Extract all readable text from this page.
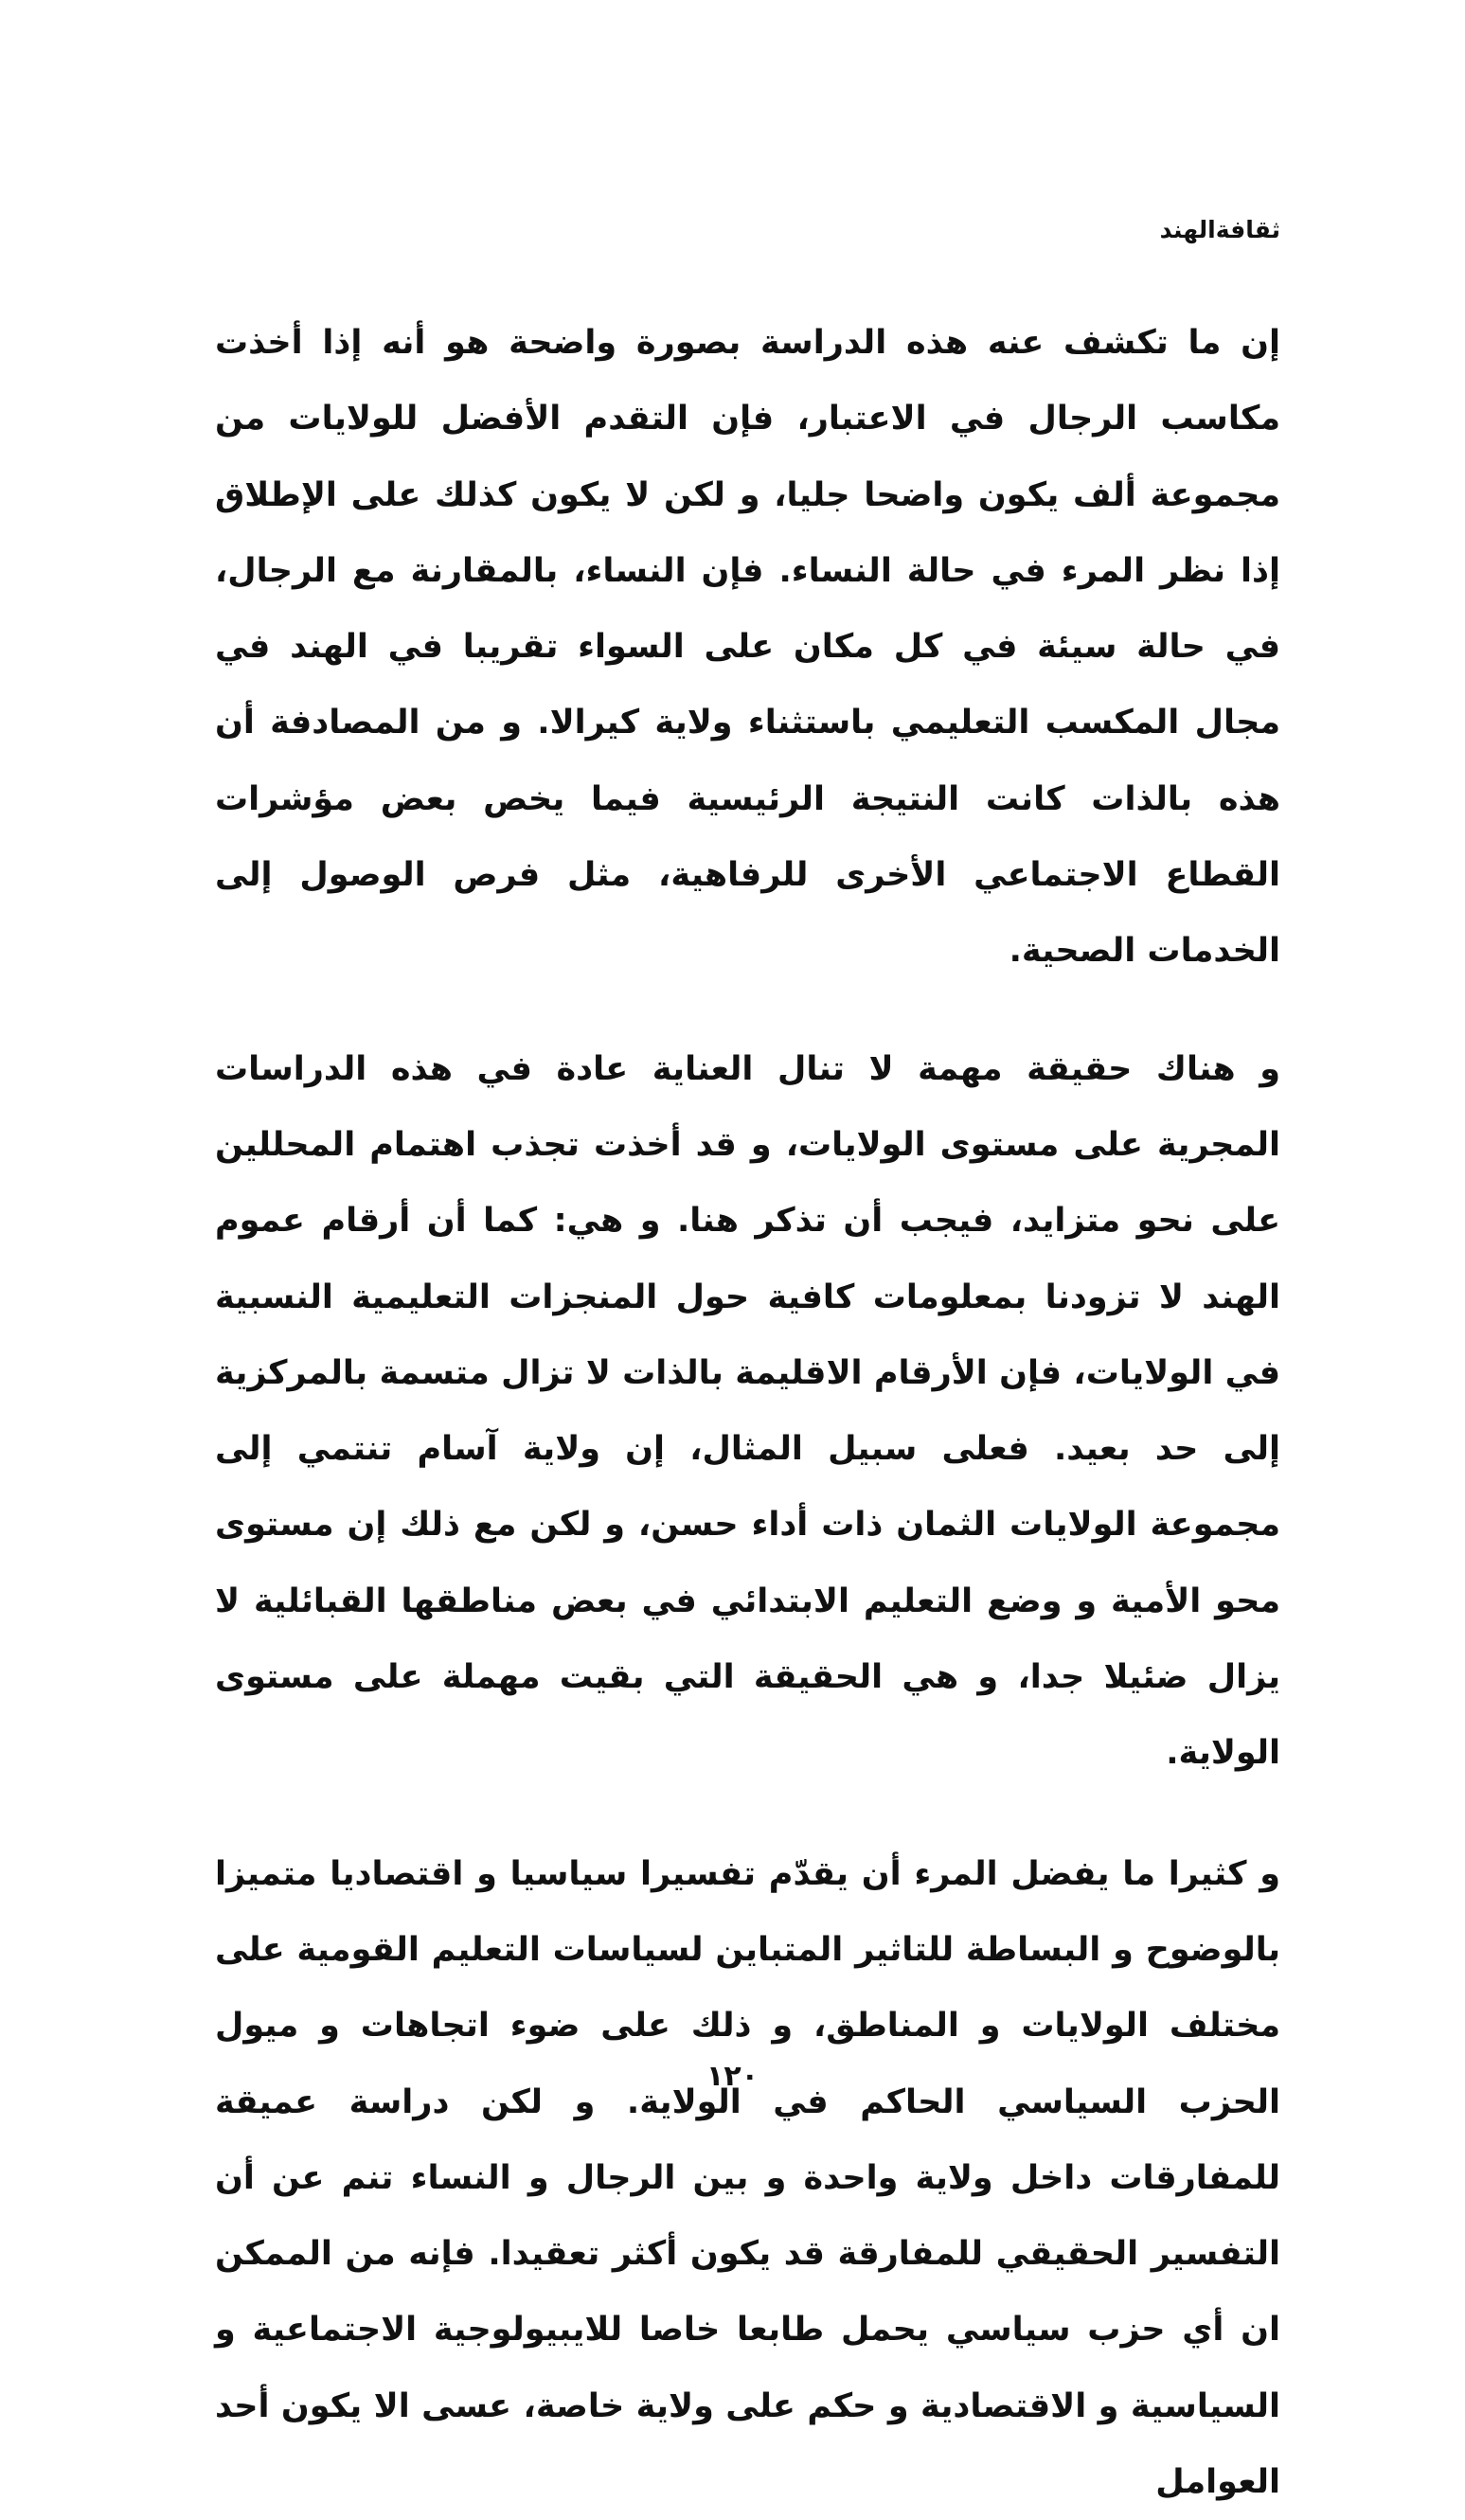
ثقافةالهند

إن ما تكشف عنه هذه الدراسة بصورة واضحة هو أنه إذا أخذت مكاسب الرجال في الاعتبار، فإن التقدم الأفضل للولايات من مجموعة ألف يكون واضحا جليا، و لكن لا يكون كذلك على الإطلاق إذا نظر المرء في حالة النساء. فإن النساء، بالمقارنة مع الرجال، في حالة سيئة في كل مكان على السواء تقريبا في الهند في مجال المكسب التعليمي باستثناء ولاية كيرالا. و من المصادفة أن هذه بالذات كانت النتيجة الرئيسية فيما يخص بعض مؤشرات القطاع الاجتماعي الأخرى للرفاهية، مثل فرص الوصول إلى الخدمات الصحية.

و هناك حقيقة مهمة لا تنال العناية عادة في هذه الدراسات المجرية على مستوى الولايات، و قد أخذت تجذب اهتمام المحللين على نحو متزايد، فيجب أن تذكر هنا. و هي: كما أن أرقام عموم الهند لا تزودنا بمعلومات كافية حول المنجزات التعليمية النسبية في الولايات، فإن الأرقام الاقليمة بالذات لا تزال متسمة بالمركزية إلى حد بعيد. فعلى سبيل المثال، إن ولاية آسام تنتمي إلى مجموعة الولايات الثمان ذات أداء حسن، و لكن مع ذلك إن مستوى محو الأمية و وضع التعليم الابتدائي في بعض مناطقها القبائلية لا يزال ضئيلا جدا، و هي الحقيقة التي بقيت مهملة على مستوى الولاية.

و كثيرا ما يفضل المرء أن يقدّم تفسيرا سياسيا و اقتصاديا متميزا بالوضوح و البساطة للتاثير المتباين لسياسات التعليم القومية على مختلف الولايات و المناطق، و ذلك على ضوء اتجاهات و ميول الحزب السياسي الحاكم في الولاية. و لكن دراسة عميقة للمفارقات داخل ولاية واحدة و بين الرجال و النساء تنم عن أن التفسير الحقيقي للمفارقة قد يكون أكثر تعقيدا. فإنه من الممكن ان أي حزب سياسي يحمل طابعا خاصا للايبيولوجية الاجتماعية و السياسية و الاقتصادية و حكم على ولاية خاصة، عسى الا يكون أحد العوامل

١٢٠
